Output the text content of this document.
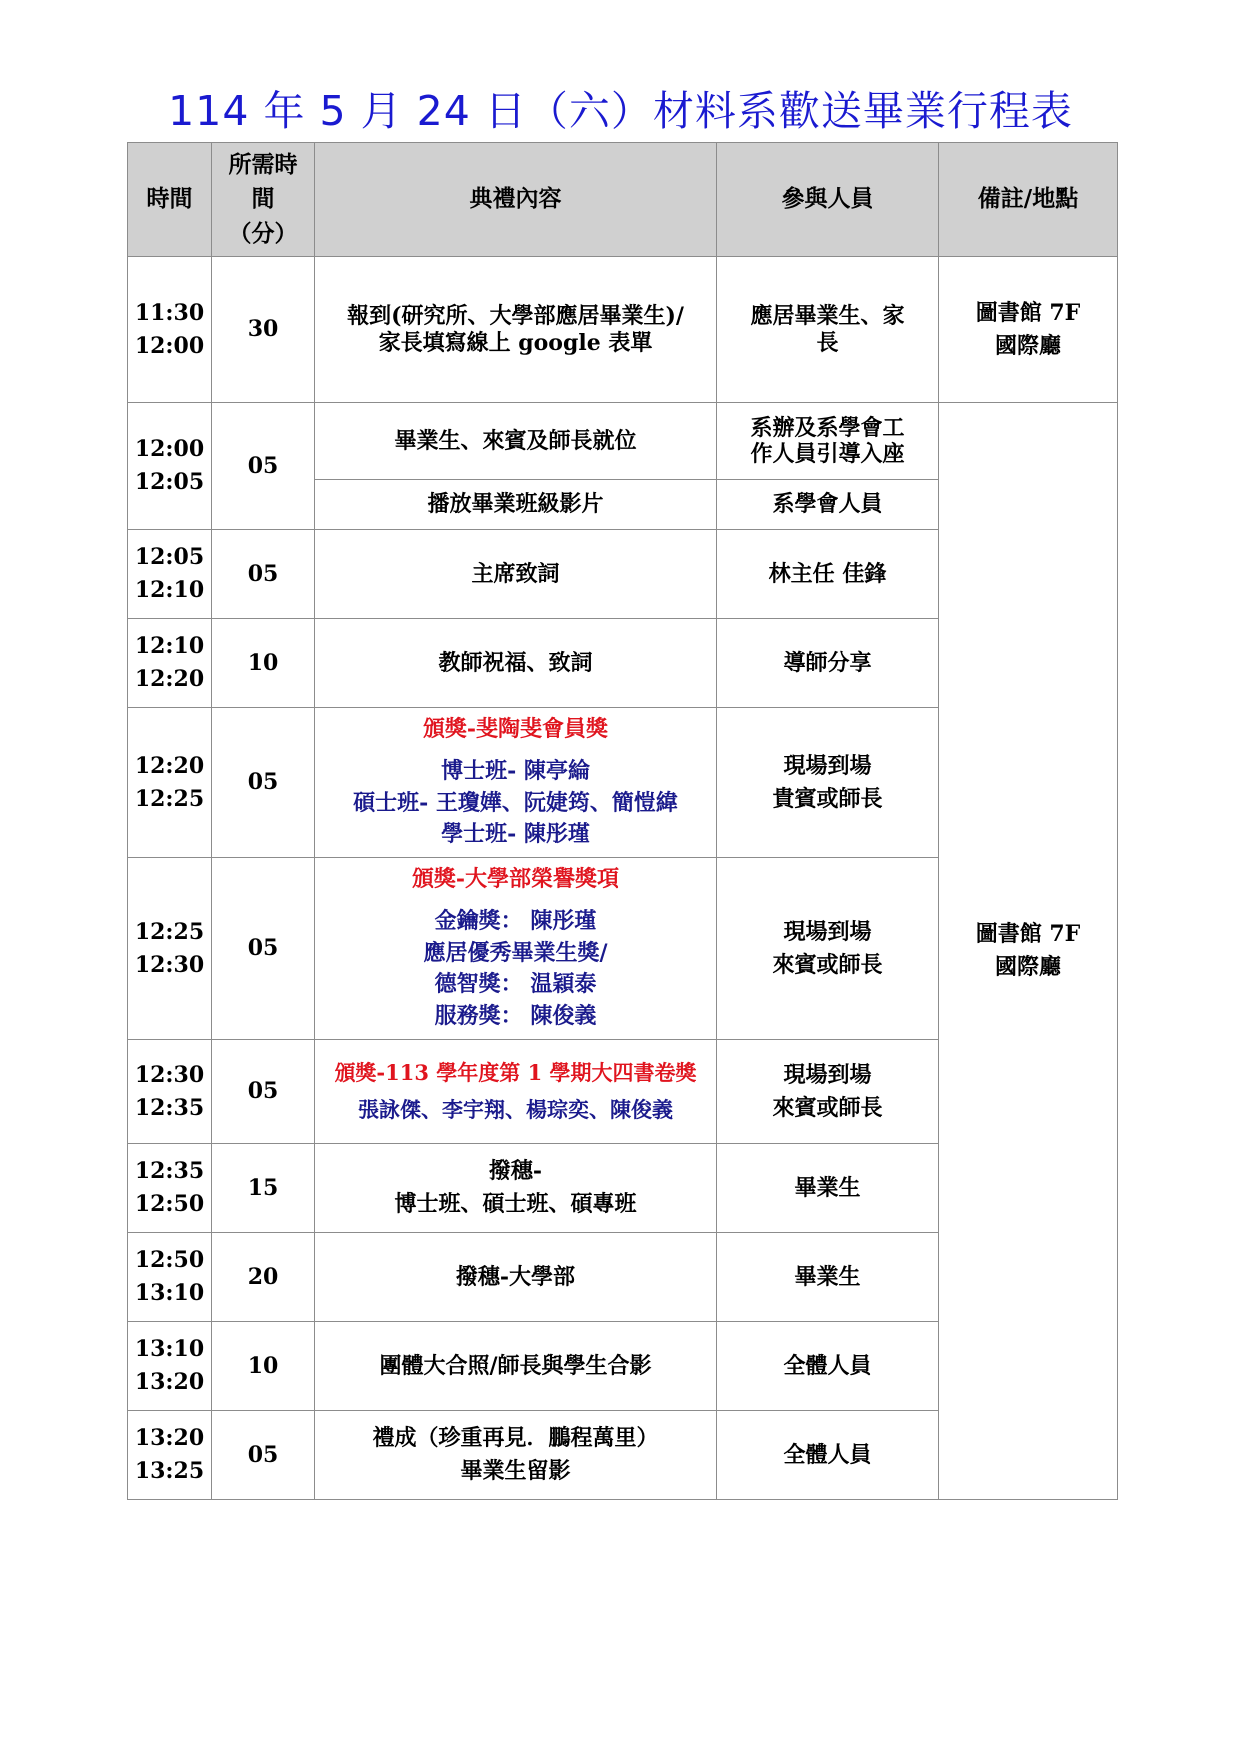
114 年 5 月 24 日（六）材料系歡送畢業行程表
時間	所需時
間
（分）	典禮內容	參與人員	備註/地點

11:30
12:00	30	報到(研究所、大學部應居畢業生)/
家長填寫線上 google 表單	應居畢業生、家
長	圖書館 7F
國際廳

12:00
12:05	05	畢業生、來賓及師長就位	系辦及系學會工
作人員引導入座	圖書館 7F
國際廳

		播放畢業班級影片	系學會人員	

12:05
12:10	05	主席致詞	林主任 佳鋒	

12:10
12:20	10	教師祝福、致詞	導師分享	

12:20
12:25	05	頒獎-斐陶斐會員獎
博士班- 陳亭綸
碩士班- 王瓊嬅、阮婕筠、簡愷緯
學士班- 陳彤瑾	現場到場
貴賓或師長	

12:25
12:30	05	頒獎-大學部榮譽獎項
金鑰獎： 陳彤瑾
應居優秀畢業生獎/
德智獎： 温穎泰
服務獎： 陳俊義	現場到場
來賓或師長	

12:30
12:35	05	頒獎-113 學年度第 1 學期大四書卷獎
張詠傑、李宇翔、楊琮奕、陳俊義	現場到場
來賓或師長	

12:35
12:50	15	撥穗-
博士班、碩士班、碩專班	畢業生	

12:50
13:10	20	撥穗-大學部	畢業生	

13:10
13:20	10	團體大合照/師長與學生合影	全體人員	

13:20
13:25	05	禮成（珍重再見．鵬程萬里）
畢業生留影	全體人員	
